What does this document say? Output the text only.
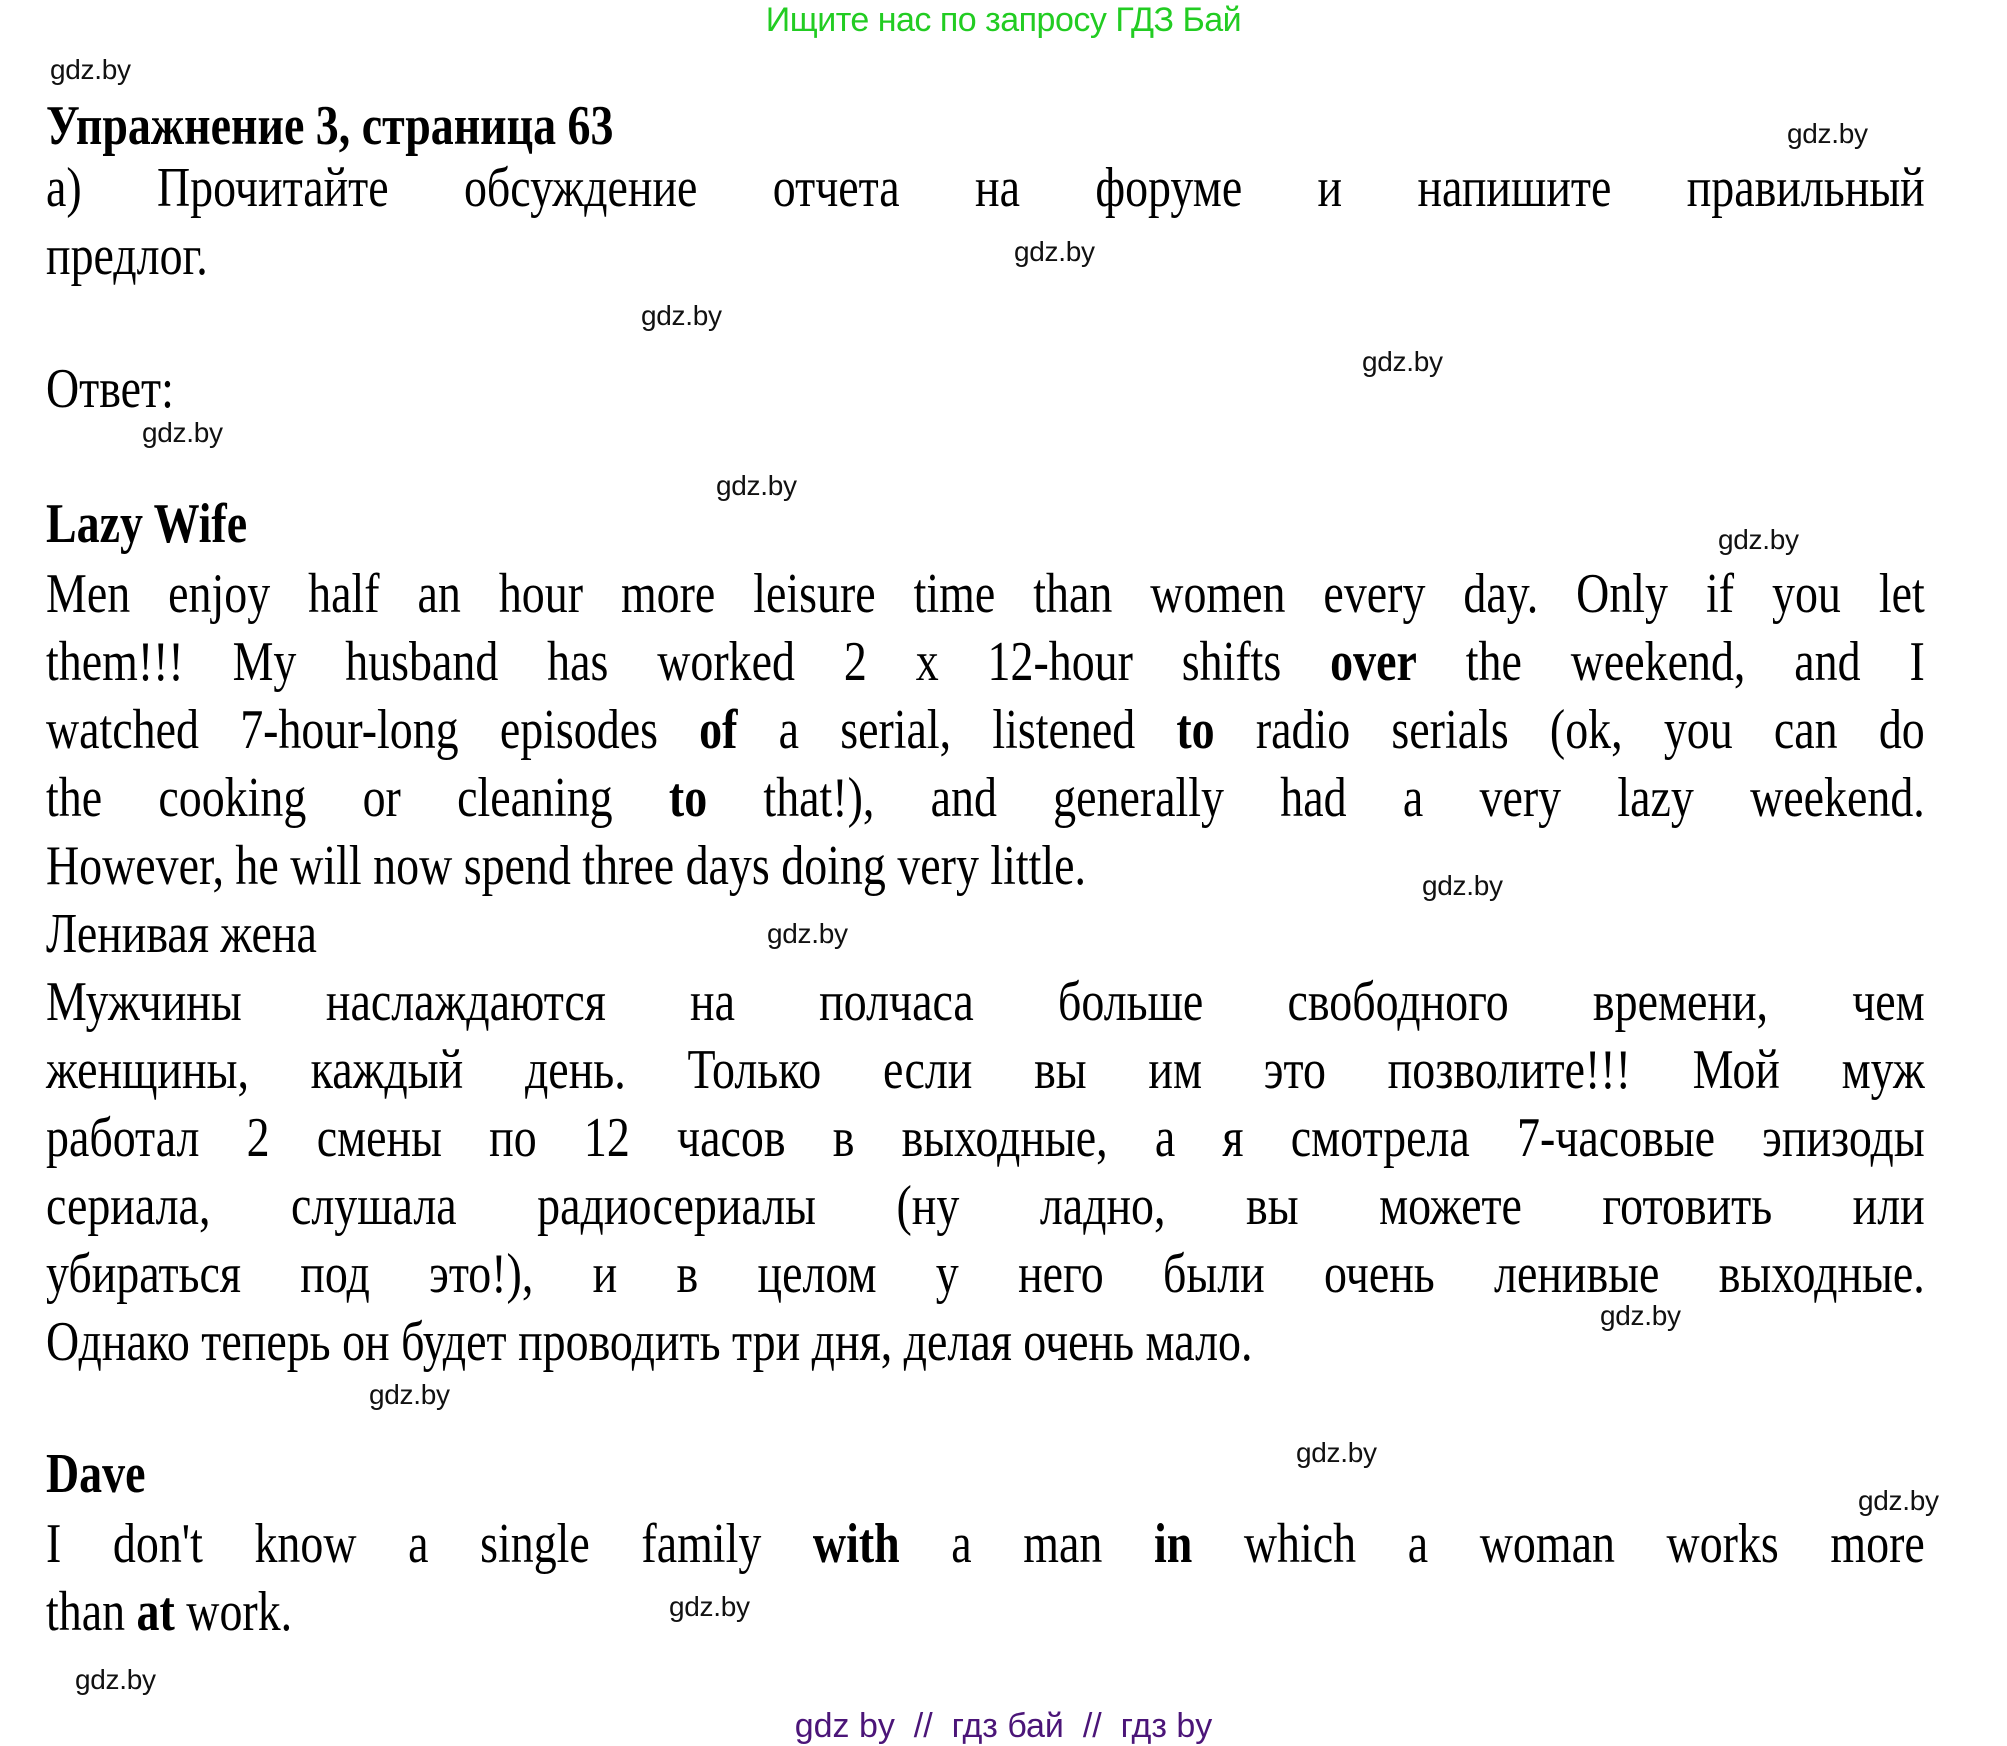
Ищите нас по запросу ГДЗ Бай
Упражнение 3, страница 63
а) Прочитайте обсуждение отчета на форуме и напишите правильный
предлог.
Ответ:
Lazy Wife
Men enjoy half an hour more leisure time than women every day. Only if you let
them!!! My husband has worked 2 x 12-hour shifts over the weekend, and I
watched 7-hour-long episodes of a serial, listened to radio serials (ok, you can do
the cooking or cleaning to that!), and generally had a very lazy weekend.
However, he will now spend three days doing very little.
Ленивая жена
Мужчины наслаждаются на полчаса больше свободного времени, чем
женщины, каждый день. Только если вы им это позволите!!! Мой муж
работал 2 смены по 12 часов в выходные, а я смотрела 7-часовые эпизоды
сериала, слушала радиосериалы (ну ладно, вы можете готовить или
убираться под это!), и в целом у него были очень ленивые выходные.
Однако теперь он будет проводить три дня, делая очень мало.
Dave
I don't know a single family with a man in which a woman works more
than at work.
gdz.by
gdz.by
gdz.by
gdz.by
gdz.by
gdz.by
gdz.by
gdz.by
gdz.by
gdz.by
gdz.by
gdz.by
gdz.by
gdz.by
gdz.by
gdz.by
gdz by  //  гдз бай  //  гдз by
